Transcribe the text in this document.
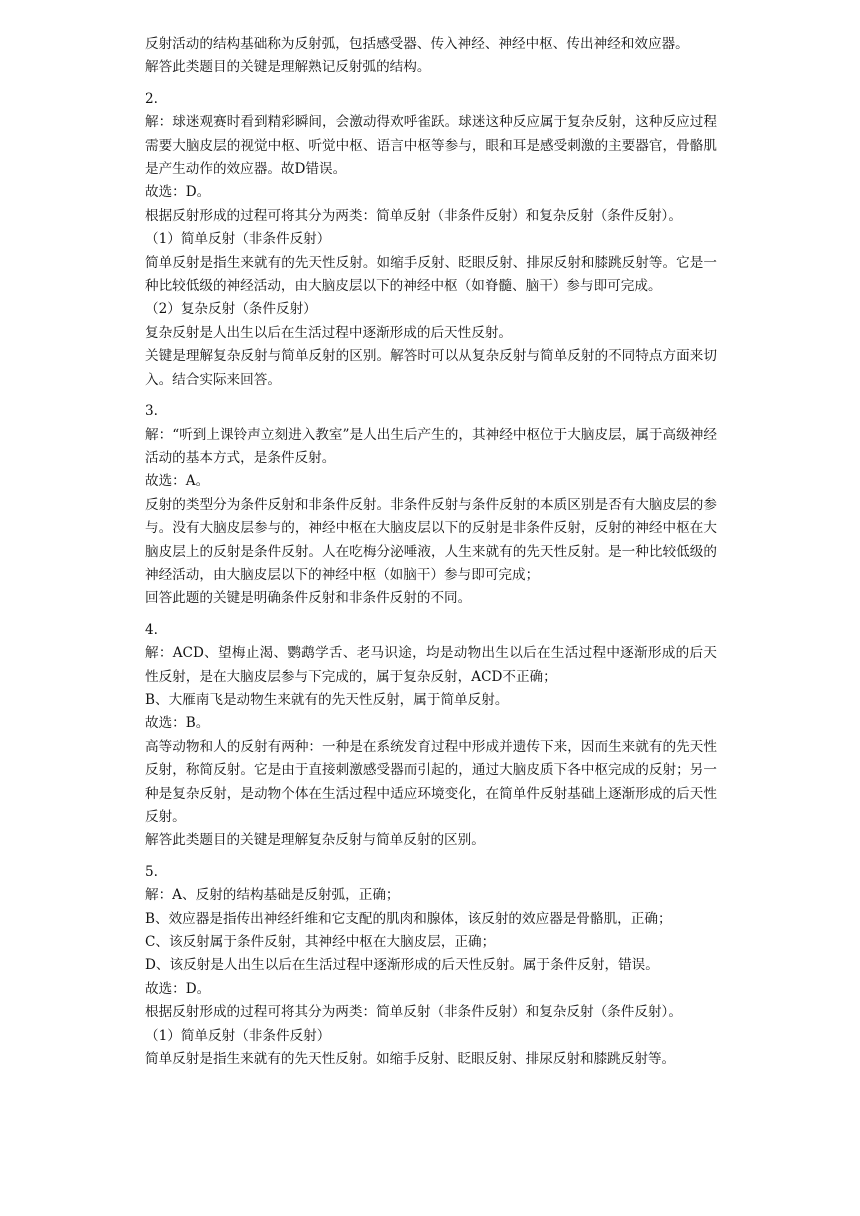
反射活动的结构基础称为反射弧，包括感受器、传入神经、神经中枢、传出神经和效应器。

解答此类题目的关键是理解熟记反射弧的结构。

2.

解：球迷观赛时看到精彩瞬间，会激动得欢呼雀跃。球迷这种反应属于复杂反射，这种反应过程需要大脑皮层的视觉中枢、听觉中枢、语言中枢等参与，眼和耳是感受刺激的主要器官，骨骼肌是产生动作的效应器。故D错误。

故选：D。

根据反射形成的过程可将其分为两类：简单反射（非条件反射）和复杂反射（条件反射）。

（1）简单反射（非条件反射）

简单反射是指生来就有的先天性反射。如缩手反射、眨眼反射、排尿反射和膝跳反射等。它是一种比较低级的神经活动，由大脑皮层以下的神经中枢（如脊髓、脑干）参与即可完成。

（2）复杂反射（条件反射）

复杂反射是人出生以后在生活过程中逐渐形成的后天性反射。

关键是理解复杂反射与简单反射的区别。解答时可以从复杂反射与简单反射的不同特点方面来切入。结合实际来回答。

3.

解：“听到上课铃声立刻进入教室”是人出生后产生的，其神经中枢位于大脑皮层，属于高级神经活动的基本方式，是条件反射。

故选：A。

反射的类型分为条件反射和非条件反射。非条件反射与条件反射的本质区别是否有大脑皮层的参与。没有大脑皮层参与的，神经中枢在大脑皮层以下的反射是非条件反射，反射的神经中枢在大脑皮层上的反射是条件反射。人在吃梅分泌唾液，人生来就有的先天性反射。是一种比较低级的神经活动，由大脑皮层以下的神经中枢（如脑干）参与即可完成；

回答此题的关键是明确条件反射和非条件反射的不同。

4.

解：ACD、望梅止渴、鹦鹉学舌、老马识途，均是动物出生以后在生活过程中逐渐形成的后天性反射，是在大脑皮层参与下完成的，属于复杂反射，ACD不正确；

B、大雁南飞是动物生来就有的先天性反射，属于简单反射。

故选：B。

高等动物和人的反射有两种：一种是在系统发育过程中形成并遗传下来，因而生来就有的先天性反射，称简反射。它是由于直接刺激感受器而引起的，通过大脑皮质下各中枢完成的反射；另一种是复杂反射，是动物个体在生活过程中适应环境变化，在简单件反射基础上逐渐形成的后天性反射。

解答此类题目的关键是理解复杂反射与简单反射的区别。

5.

解：A、反射的结构基础是反射弧，正确；

B、效应器是指传出神经纤维和它支配的肌肉和腺体，该反射的效应器是骨骼肌，正确；

C、该反射属于条件反射，其神经中枢在大脑皮层，正确；

D、该反射是人出生以后在生活过程中逐渐形成的后天性反射。属于条件反射，错误。

故选：D。

根据反射形成的过程可将其分为两类：简单反射（非条件反射）和复杂反射（条件反射）。

（1）简单反射（非条件反射）

简单反射是指生来就有的先天性反射。如缩手反射、眨眼反射、排尿反射和膝跳反射等。
